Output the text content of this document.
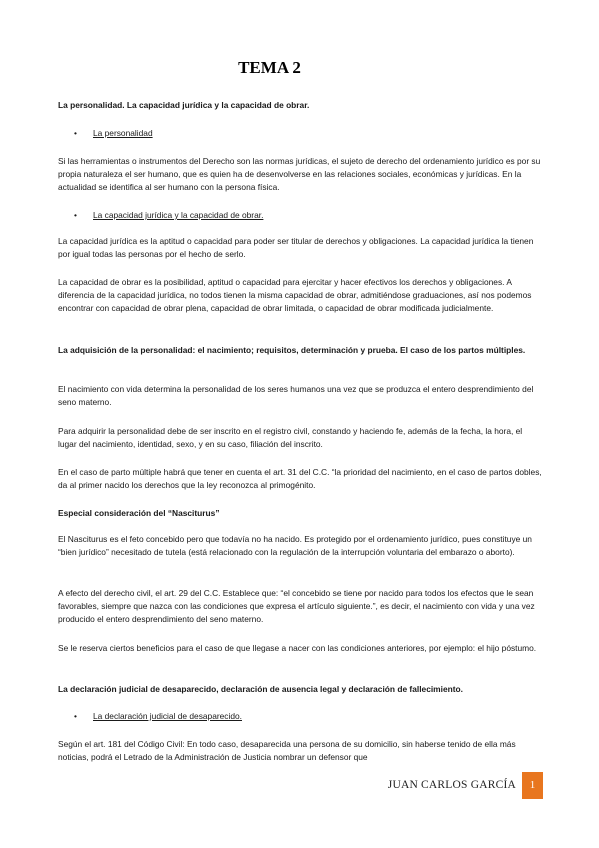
TEMA 2

La personalidad. La capacidad jurídica y la capacidad de obrar.

• La personalidad

Si las herramientas o instrumentos del Derecho son las normas jurídicas, el sujeto de derecho del ordenamiento jurídico es por su propia naturaleza el ser humano, que es quien ha de desenvolverse en las relaciones sociales, económicas y jurídicas. En la actualidad se identifica al ser humano con la persona física.

• La capacidad jurídica y la capacidad de obrar.

La capacidad jurídica es la aptitud o capacidad para poder ser titular de derechos y obligaciones. La capacidad jurídica la tienen por igual todas las personas por el hecho de serlo.

La capacidad de obrar es la posibilidad, aptitud o capacidad para ejercitar y hacer efectivos los derechos y obligaciones. A diferencia de la capacidad jurídica, no todos tienen la misma capacidad de obrar, admitiéndose graduaciones, así nos podemos encontrar con capacidad de obrar plena, capacidad de obrar limitada, o capacidad de obrar modificada judicialmente.

La adquisición de la personalidad: el nacimiento; requisitos, determinación y prueba. El caso de los partos múltiples.

El nacimiento con vida determina la personalidad de los seres humanos una vez que se produzca el entero desprendimiento del seno materno.

Para adquirir la personalidad debe de ser inscrito en el registro civil, constando y haciendo fe, además de la fecha, la hora, el lugar del nacimiento, identidad, sexo, y en su caso, filiación del inscrito.

En el caso de parto múltiple habrá que tener en cuenta el art. 31 del C.C. “la prioridad del nacimiento, en el caso de partos dobles, da al primer nacido los derechos que la ley reconozca al primogénito.

Especial consideración del “Nasciturus”

El Nasciturus es el feto concebido pero que todavía no ha nacido. Es protegido por el ordenamiento jurídico, pues constituye un “bien jurídico” necesitado de tutela (está relacionado con la regulación de la interrupción voluntaria del embarazo o aborto).

A efecto del derecho civil, el art. 29 del C.C. Establece que: “el concebido se tiene por nacido para todos los efectos que le sean favorables, siempre que nazca con las condiciones que expresa el artículo siguiente.”, es decir, el nacimiento con vida y una vez producido el entero desprendimiento del seno materno.

Se le reserva ciertos beneficios para el caso de que llegase a nacer con las condiciones anteriores, por ejemplo: el hijo póstumo.

La declaración judicial de desaparecido, declaración de ausencia legal y declaración de fallecimiento.

• La declaración judicial de desaparecido.

Según el art. 181 del Código Civil: En todo caso, desaparecida una persona de su domicilio, sin haberse tenido de ella más noticias, podrá el Letrado de la Administración de Justicia nombrar un defensor que

JUAN CARLOS GARCÍA	1
